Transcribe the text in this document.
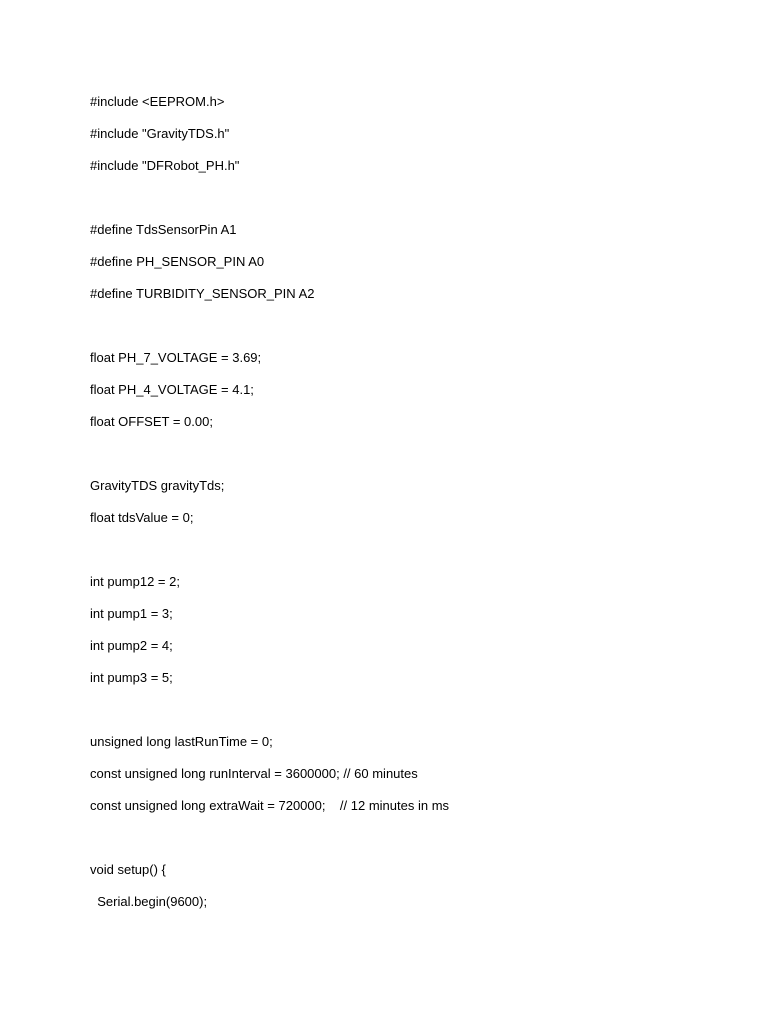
#include <EEPROM.h>
#include "GravityTDS.h"
#include "DFRobot_PH.h"
#define TdsSensorPin A1
#define PH_SENSOR_PIN A0
#define TURBIDITY_SENSOR_PIN A2
float PH_7_VOLTAGE = 3.69;
float PH_4_VOLTAGE = 4.1;
float OFFSET = 0.00;
GravityTDS gravityTds;
float tdsValue = 0;
int pump12 = 2;
int pump1 = 3;
int pump2 = 4;
int pump3 = 5;
unsigned long lastRunTime = 0;
const unsigned long runInterval = 3600000; // 60 minutes
const unsigned long extraWait = 720000;    // 12 minutes in ms
void setup() {
Serial.begin(9600);
